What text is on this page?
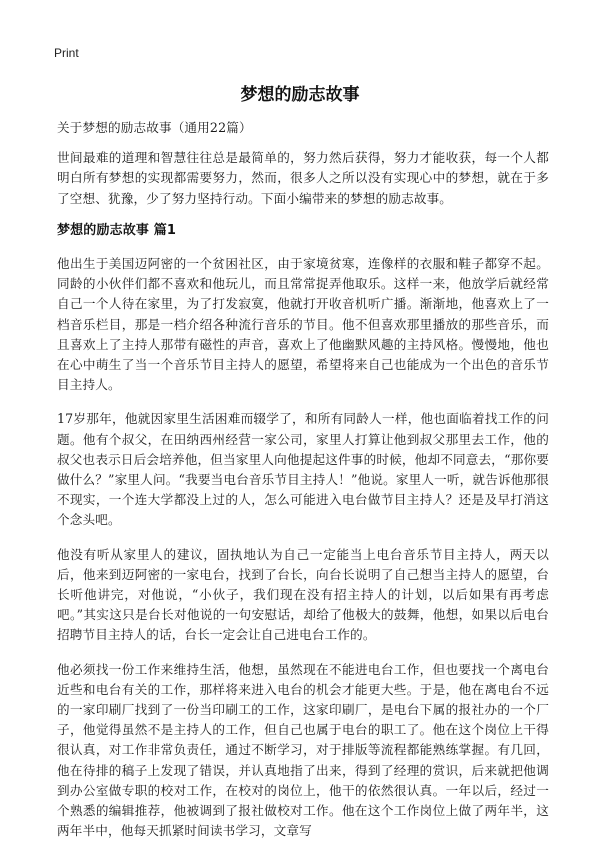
Print
梦想的励志故事

关于梦想的励志故事（通用22篇）

世间最难的道理和智慧往往总是最简单的，努力然后获得，努力才能收获，每一个人都明白所有梦想的实现都需要努力，然而，很多人之所以没有实现心中的梦想，就在于多了空想、犹豫，少了努力坚持行动。下面小编带来的梦想的励志故事。

梦想的励志故事 篇1

他出生于美国迈阿密的一个贫困社区，由于家境贫寒，连像样的衣服和鞋子都穿不起。同龄的小伙伴们都不喜欢和他玩儿，而且常常捉弄他取乐。这样一来，他放学后就经常自己一个人待在家里，为了打发寂寞，他就打开收音机听广播。渐渐地，他喜欢上了一档音乐栏目，那是一档介绍各种流行音乐的节目。他不但喜欢那里播放的那些音乐，而且喜欢上了主持人那带有磁性的声音，喜欢上了他幽默风趣的主持风格。慢慢地，他也在心中萌生了当一个音乐节目主持人的愿望，希望将来自己也能成为一个出色的音乐节目主持人。

17岁那年，他就因家里生活困难而辍学了，和所有同龄人一样，他也面临着找工作的问题。他有个叔父，在田纳西州经营一家公司，家里人打算让他到叔父那里去工作，他的叔父也表示日后会培养他，但当家里人向他提起这件事的时候，他却不同意去，“那你要做什么？”家里人问。“我要当电台音乐节目主持人！”他说。家里人一听，就告诉他那很不现实，一个连大学都没上过的人，怎么可能进入电台做节目主持人？还是及早打消这个念头吧。

他没有听从家里人的建议，固执地认为自己一定能当上电台音乐节目主持人，两天以后，他来到迈阿密的一家电台，找到了台长，向台长说明了自己想当主持人的愿望，台长听他讲完，对他说，“小伙子，我们现在没有招主持人的计划，以后如果有再考虑吧。”其实这只是台长对他说的一句安慰话，却给了他极大的鼓舞，他想，如果以后电台招聘节目主持人的话，台长一定会让自己进电台工作的。

他必须找一份工作来维持生活，他想，虽然现在不能进电台工作，但也要找一个离电台近些和电台有关的工作，那样将来进入电台的机会才能更大些。于是，他在离电台不远的一家印刷厂找到了一份当印刷工的工作，这家印刷厂，是电台下属的报社办的一个厂子，他觉得虽然不是主持人的工作，但自己也属于电台的职工了。他在这个岗位上干得很认真，对工作非常负责任，通过不断学习，对于排版等流程都能熟练掌握。有几回，他在待排的稿子上发现了错误，并认真地指了出来，得到了经理的赏识，后来就把他调到办公室做专职的校对工作，在校对的岗位上，他干的依然很认真。一年以后，经过一个熟悉的编辑推荐，他被调到了报社做校对工作。他在这个工作岗位上做了两年半，这两年半中，他每天抓紧时间读书学习，文章写
